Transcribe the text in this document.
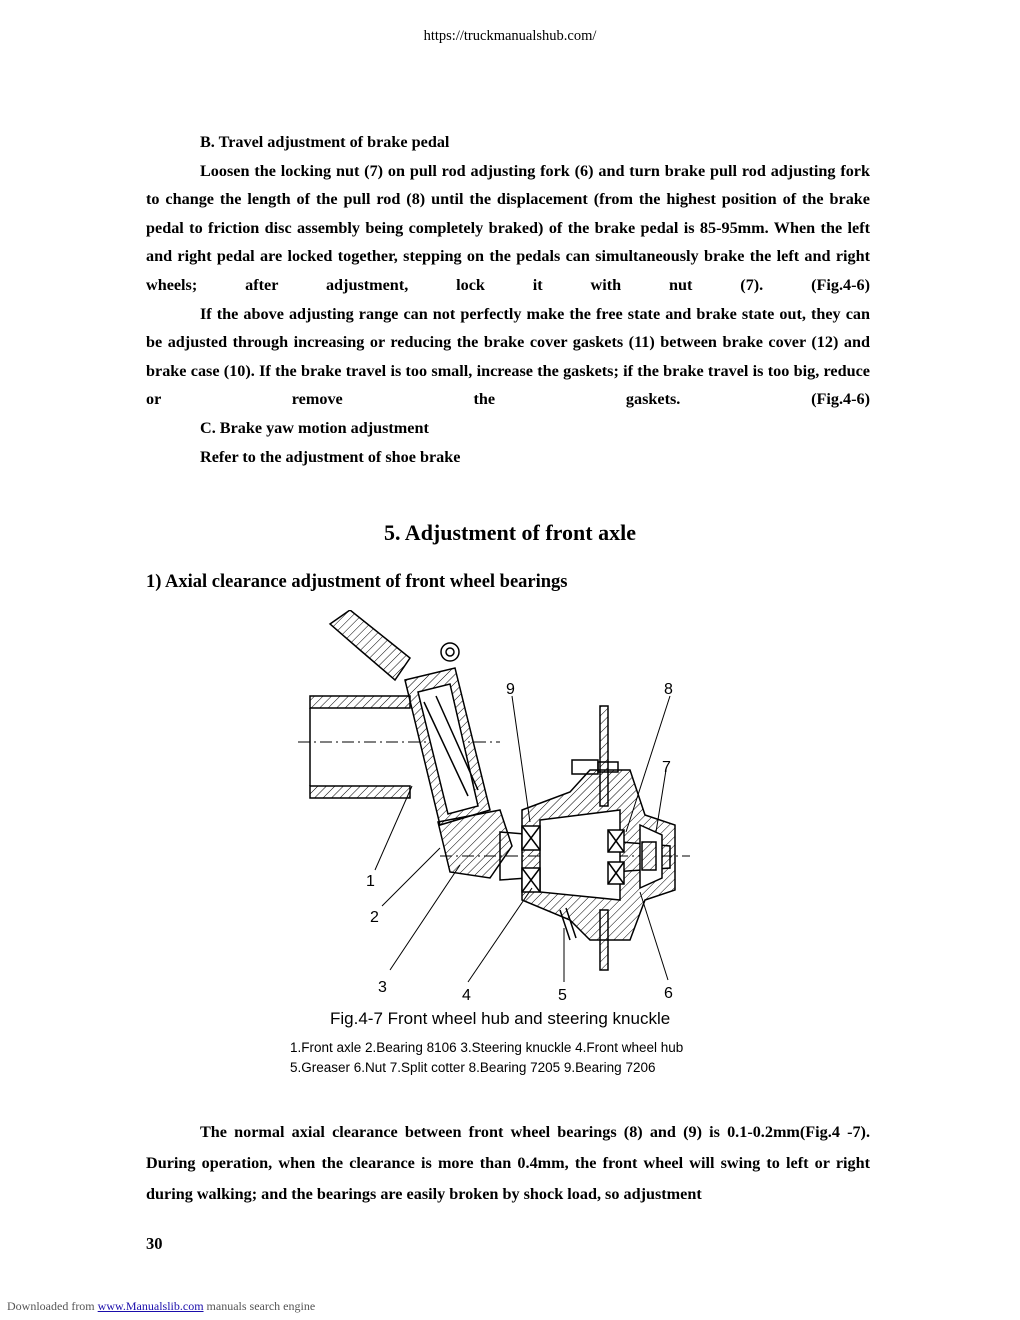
https://truckmanualshub.com/

B. Travel adjustment of brake pedal

Loosen the locking nut (7) on pull rod adjusting fork (6) and turn brake pull rod adjusting fork to change the length of the pull rod (8) until the displacement (from the highest position of the brake pedal to friction disc assembly being completely braked) of the brake pedal is 85-95mm. When the left and right pedal are locked together, stepping on the pedals can simultaneously brake the left and right wheels; after adjustment, lock it with nut (7). (Fig.4-6)

If the above adjusting range can not perfectly make the free state and brake state out, they can be adjusted through increasing or reducing the brake cover gaskets (11) between brake cover (12) and brake case (10). If the brake travel is too small, increase the gaskets; if the brake travel is too big, reduce or remove the gaskets. (Fig.4-6)

C. Brake yaw motion adjustment

Refer to the adjustment of shoe brake

5. Adjustment of front axle
1) Axial clearance adjustment of front wheel bearings
1
2
3	4	5	6
7
8
9
Fig.4-7 Front wheel hub and steering knuckle
1.Front axle 2.Bearing 8106 3.Steering knuckle 4.Front wheel hub
5.Greaser 6.Nut 7.Split cotter 8.Bearing 7205 9.Bearing 7206

The normal axial clearance between front wheel bearings (8) and (9) is 0.1-0.2mm(Fig.4 -7). During operation, when the clearance is more than 0.4mm, the front wheel will swing to left or right during walking; and the bearings are easily broken by shock load, so adjustment

30
Downloaded from www.Manualslib.com manuals search engine
